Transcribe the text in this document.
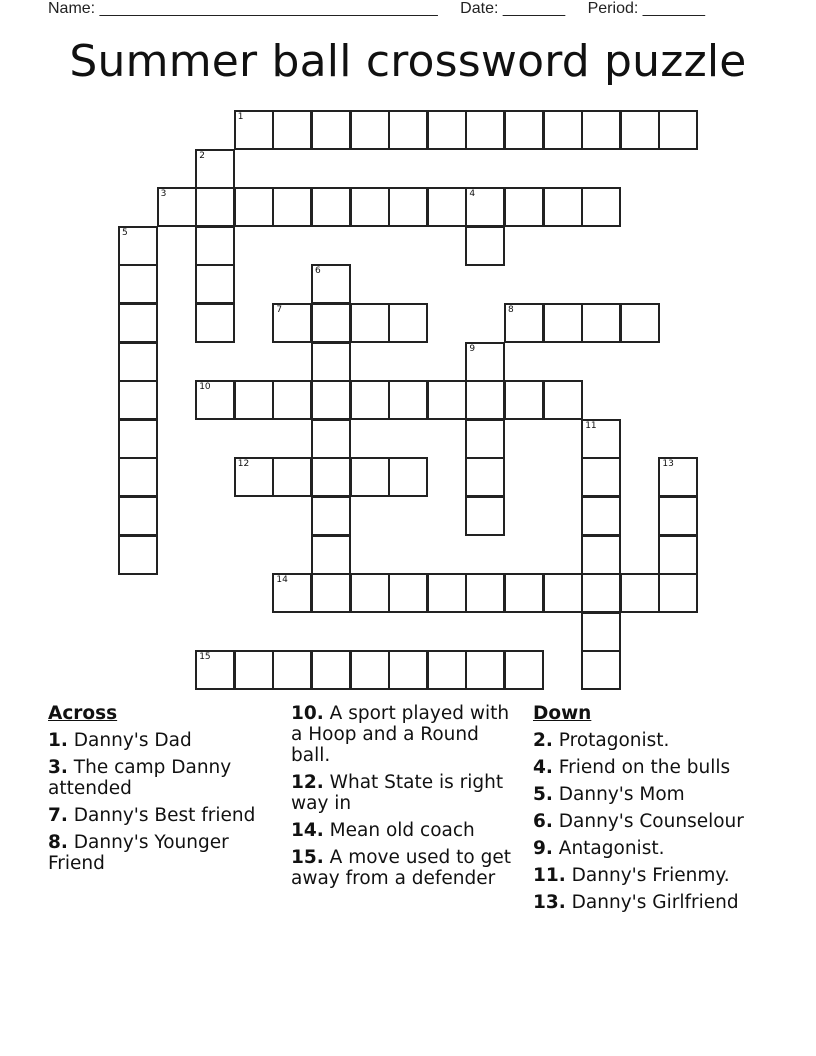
Name: ______________________________________ Date: _______ Period: _______
Summer ball crossword puzzle
1
2
3	4
5
6
7	8
9
10
11
12	13
14
15
Across
1. Danny's Dad
3. The camp Danny attended
7. Danny's Best friend
8. Danny's Younger Friend
10. A sport played with a Hoop and a Round ball.
12. What State is right way in
14. Mean old coach
15. A move used to get away from a defender
Down
2. Protagonist.
4. Friend on the bulls
5. Danny's Mom
6. Danny's Counselour
9. Antagonist.
11. Danny's Frienmy.
13. Danny's Girlfriend
